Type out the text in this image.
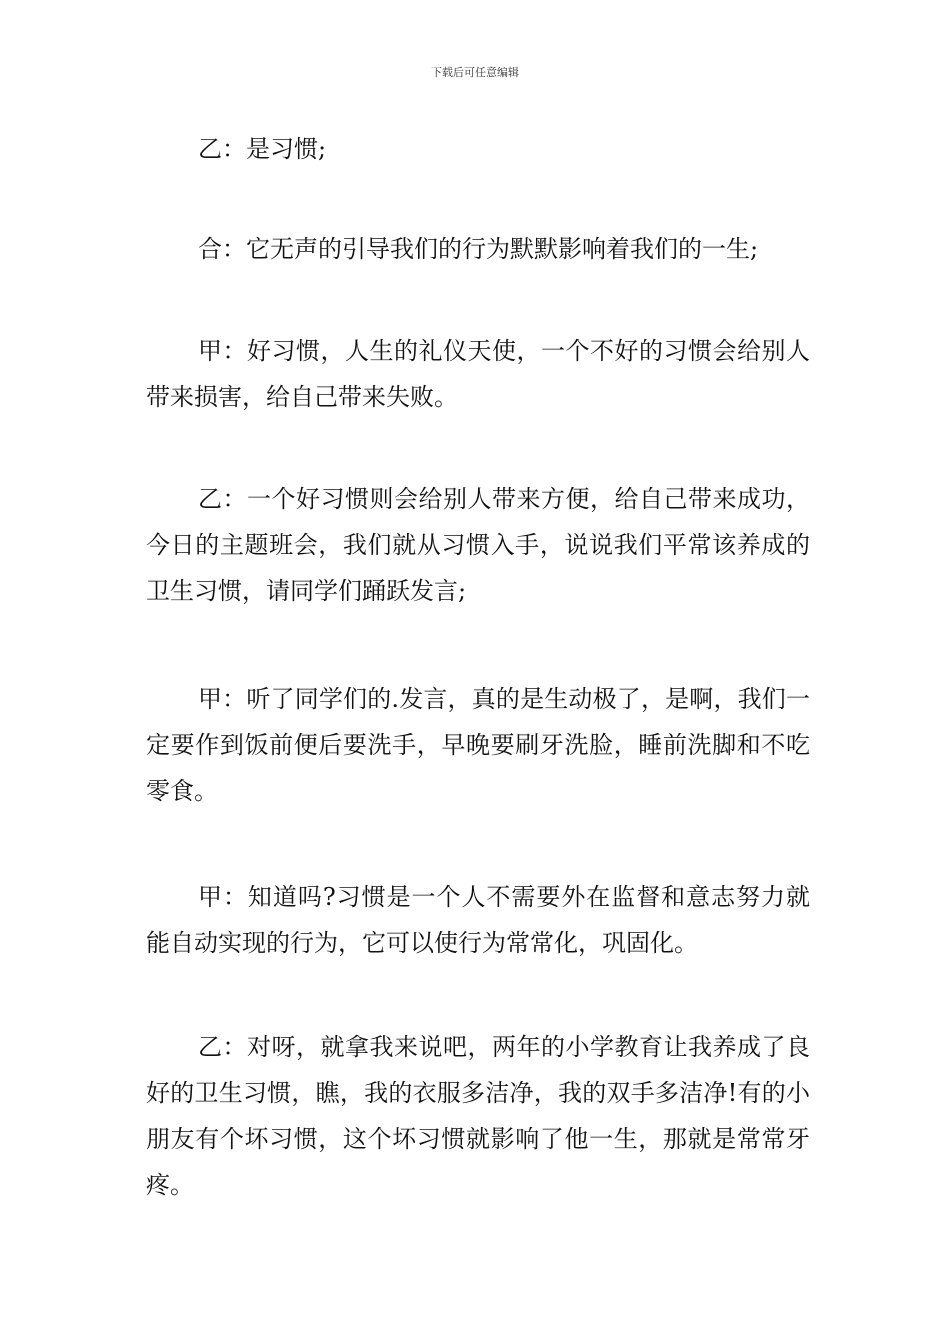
下载后可任意编辑

乙：是习惯;

合：它无声的引导我们的行为默默影响着我们的一生;

甲：好习惯，人生的礼仪天使，一个不好的习惯会给别人带来损害，给自己带来失败。

乙：一个好习惯则会给别人带来方便，给自己带来成功，今日的主题班会，我们就从习惯入手，说说我们平常该养成的卫生习惯，请同学们踊跃发言;

甲：听了同学们的.发言，真的是生动极了，是啊，我们一定要作到饭前便后要洗手，早晚要刷牙洗脸，睡前洗脚和不吃零食。

甲：知道吗?习惯是一个人不需要外在监督和意志努力就能自动实现的行为，它可以使行为常常化，巩固化。

乙：对呀，就拿我来说吧，两年的小学教育让我养成了良好的卫生习惯，瞧，我的衣服多洁净，我的双手多洁净!有的小朋友有个坏习惯，这个坏习惯就影响了他一生，那就是常常牙疼。
